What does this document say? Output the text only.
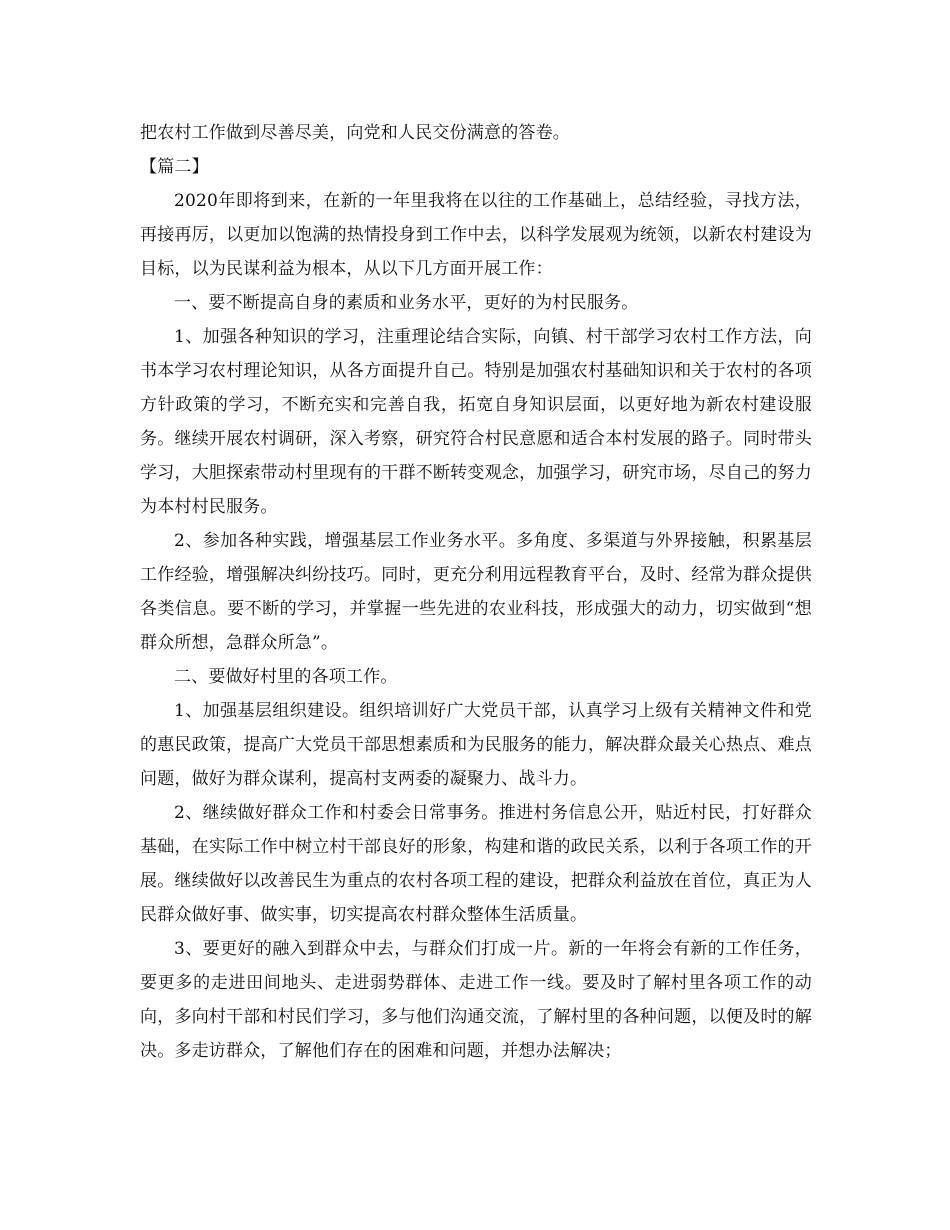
把农村工作做到尽善尽美，向党和人民交份满意的答卷。

【篇二】

2020年即将到来，在新的一年里我将在以往的工作基础上，总结经验，寻找方法，再接再厉，以更加以饱满的热情投身到工作中去，以科学发展观为统领，以新农村建设为目标，以为民谋利益为根本，从以下几方面开展工作：

一、要不断提高自身的素质和业务水平，更好的为村民服务。

1、加强各种知识的学习，注重理论结合实际，向镇、村干部学习农村工作方法，向书本学习农村理论知识，从各方面提升自己。特别是加强农村基础知识和关于农村的各项方针政策的学习，不断充实和完善自我，拓宽自身知识层面，以更好地为新农村建设服务。继续开展农村调研，深入考察，研究符合村民意愿和适合本村发展的路子。同时带头学习，大胆探索带动村里现有的干群不断转变观念，加强学习，研究市场，尽自己的努力为本村村民服务。

2、参加各种实践，增强基层工作业务水平。多角度、多渠道与外界接触，积累基层工作经验，增强解决纠纷技巧。同时，更充分利用远程教育平台，及时、经常为群众提供各类信息。要不断的学习，并掌握一些先进的农业科技，形成强大的动力，切实做到“想群众所想，急群众所急”。

二、要做好村里的各项工作。

1、加强基层组织建设。组织培训好广大党员干部，认真学习上级有关精神文件和党的惠民政策，提高广大党员干部思想素质和为民服务的能力，解决群众最关心热点、难点问题，做好为群众谋利，提高村支两委的凝聚力、战斗力。

2、继续做好群众工作和村委会日常事务。推进村务信息公开，贴近村民，打好群众基础，在实际工作中树立村干部良好的形象，构建和谐的政民关系，以利于各项工作的开展。继续做好以改善民生为重点的农村各项工程的建设，把群众利益放在首位，真正为人民群众做好事、做实事，切实提高农村群众整体生活质量。

3、要更好的融入到群众中去，与群众们打成一片。新的一年将会有新的工作任务，要更多的走进田间地头、走进弱势群体、走进工作一线。要及时了解村里各项工作的动向，多向村干部和村民们学习，多与他们沟通交流，了解村里的各种问题，以便及时的解决。多走访群众，了解他们存在的困难和问题，并想办法解决；
